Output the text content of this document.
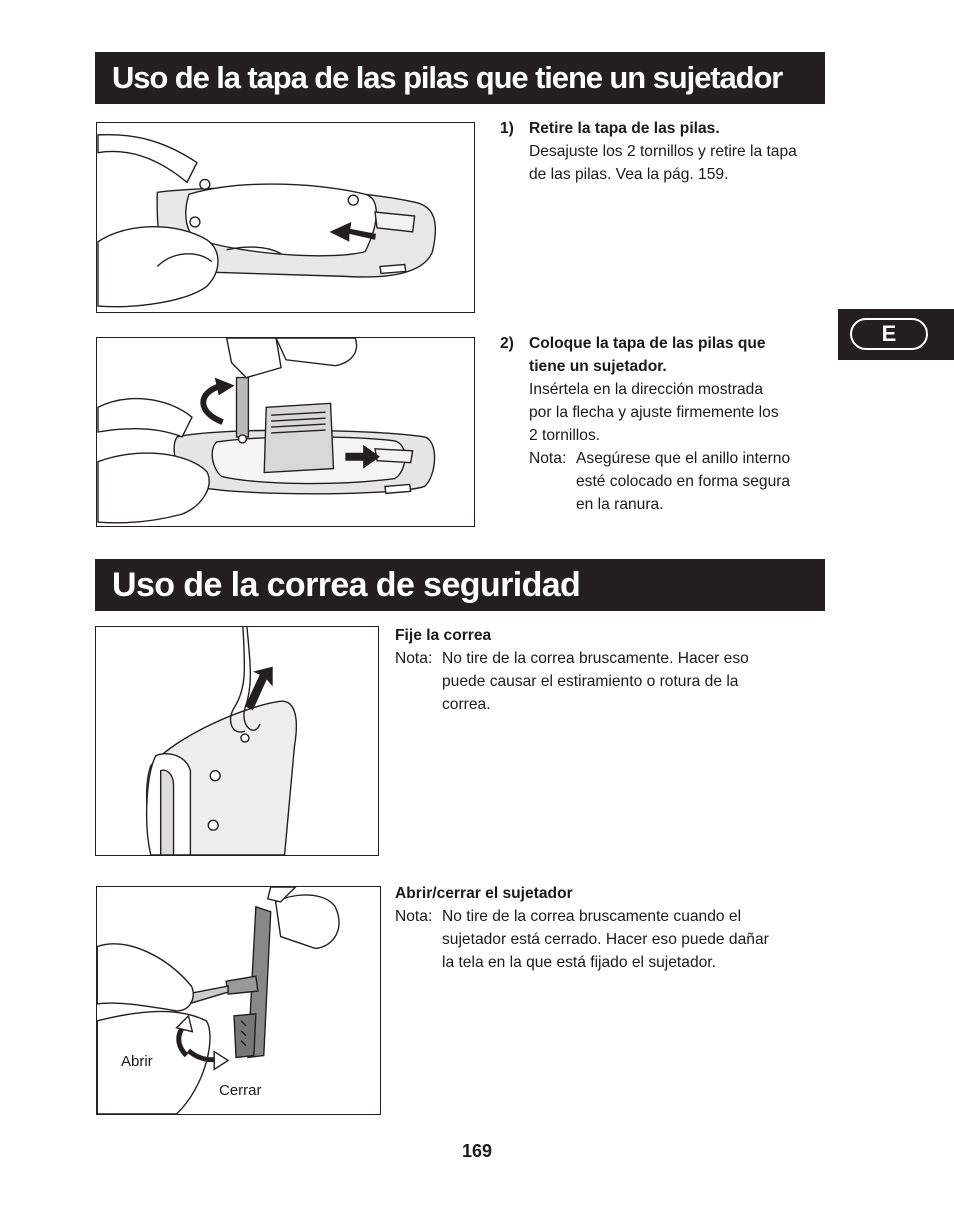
Uso de la tapa de las pilas que tiene un sujetador
E
1) Retire la tapa de las pilas.
Desajuste los 2 tornillos y retire la tapa
de las pilas. Vea la pág. 159.
2) Coloque la tapa de las pilas que
tiene un sujetador.
Insértela en la dirección mostrada
por la flecha y ajuste firmemente los
2 tornillos.
Nota: Asegúrese que el anillo interno
esté colocado en forma segura
en la ranura.
Uso de la correa de seguridad
Fije la correa
Nota: No tire de la correa bruscamente. Hacer eso
puede causar el estiramiento o rotura de la
correa.
Abrir
Cerrar
Abrir/cerrar el sujetador
Nota: No tire de la correa bruscamente cuando el
sujetador está cerrado. Hacer eso puede dañar
la tela en la que está fijado el sujetador.
169
